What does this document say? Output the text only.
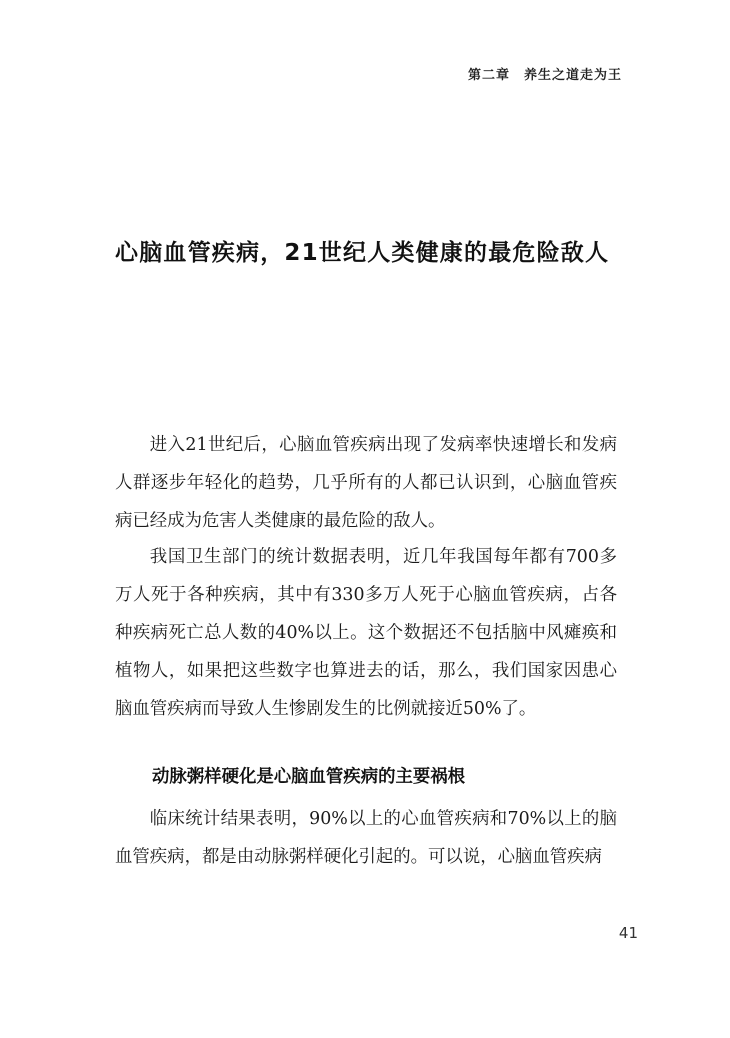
第二章 养生之道走为王
心脑血管疾病，21世纪人类健康的最危险敌人

进入21世纪后，心脑血管疾病出现了发病率快速增长和发病人群逐步年轻化的趋势，几乎所有的人都已认识到，心脑血管疾病已经成为危害人类健康的最危险的敌人。

我国卫生部门的统计数据表明，近几年我国每年都有700多万人死于各种疾病，其中有330多万人死于心脑血管疾病，占各种疾病死亡总人数的40%以上。这个数据还不包括脑中风瘫痪和植物人，如果把这些数字也算进去的话，那么，我们国家因患心脑血管疾病而导致人生惨剧发生的比例就接近50%了。

动脉粥样硬化是心脑血管疾病的主要祸根

临床统计结果表明，90%以上的心血管疾病和70%以上的脑血管疾病，都是由动脉粥样硬化引起的。可以说，心脑血管疾病

41
